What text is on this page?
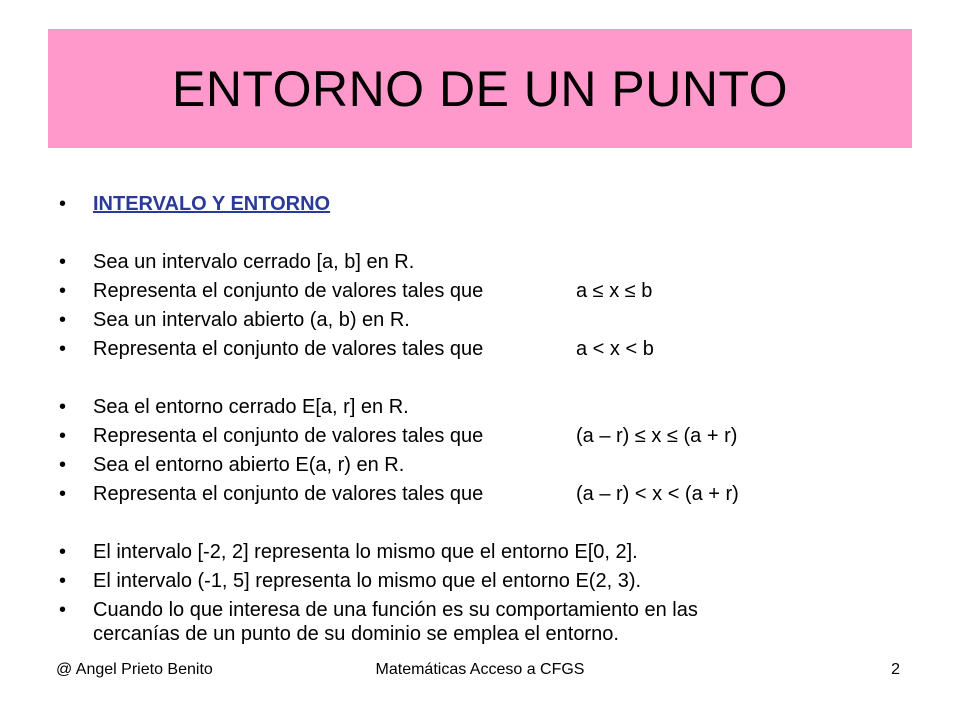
ENTORNO DE UN PUNTO
• INTERVALO Y ENTORNO
• Sea un intervalo cerrado [a, b] en R.
• Representa el conjunto de valores tales que	a ≤ x ≤ b
• Sea un intervalo abierto (a, b) en R.
• Representa el conjunto de valores tales que	a < x < b
• Sea el entorno cerrado E[a, r] en R.
• Representa el conjunto de valores tales que	(a – r) ≤ x ≤ (a + r)
• Sea el entorno abierto E(a, r) en R.
• Representa el conjunto de valores tales que	(a – r) < x < (a + r)
• El intervalo [-2, 2] representa lo mismo que el entorno E[0, 2].
• El intervalo (-1, 5] representa lo mismo que el entorno E(2, 3).
• Cuando lo que interesa de una función es su comportamiento en las
cercanías de un punto de su dominio se emplea el entorno.
@ Angel Prieto Benito	Matemáticas Acceso a CFGS	2
